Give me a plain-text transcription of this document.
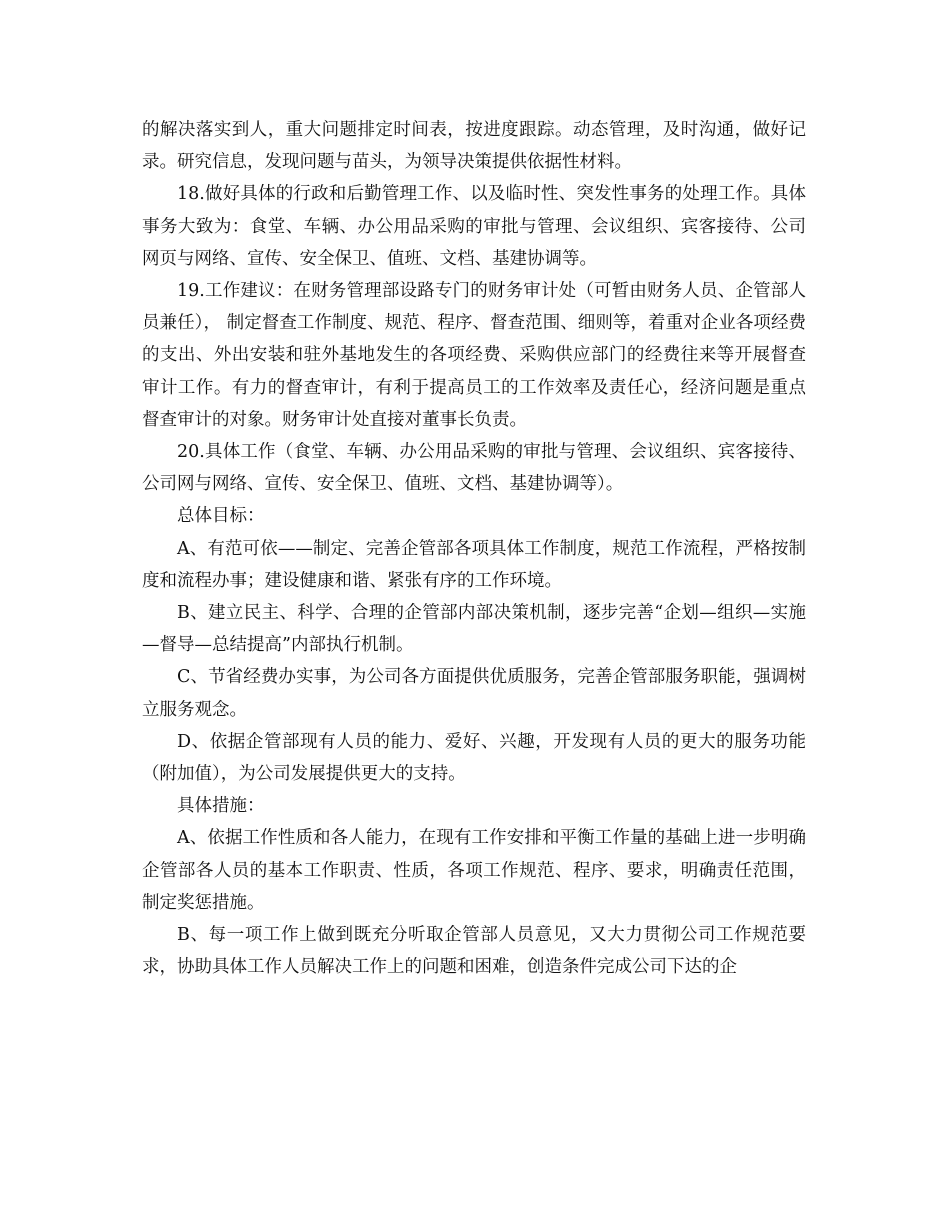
的解决落实到人，重大问题排定时间表，按进度跟踪。动态管理，及时沟通，做好记录。研究信息，发现问题与苗头，为领导决策提供依据性材料。

18.做好具体的行政和后勤管理工作、以及临时性、突发性事务的处理工作。具体事务大致为：食堂、车辆、办公用品采购的审批与管理、会议组织、宾客接待、公司网页与网络、宣传、安全保卫、值班、文档、基建协调等。

19.工作建议：在财务管理部设路专门的财务审计处（可暂由财务人员、企管部人员兼任）， 制定督查工作制度、规范、程序、督查范围、细则等，着重对企业各项经费的支出、外出安装和驻外基地发生的各项经费、采购供应部门的经费往来等开展督查审计工作。有力的督查审计，有利于提高员工的工作效率及责任心，经济问题是重点督查审计的对象。财务审计处直接对董事长负责。

20.具体工作（食堂、车辆、办公用品采购的审批与管理、会议组织、宾客接待、公司网与网络、宣传、安全保卫、值班、文档、基建协调等）。

总体目标：

A、有范可依——制定、完善企管部各项具体工作制度，规范工作流程，严格按制度和流程办事；建设健康和谐、紧张有序的工作环境。

B、建立民主、科学、合理的企管部内部决策机制，逐步完善“企划—组织—实施—督导—总结提高”内部执行机制。

C、节省经费办实事，为公司各方面提供优质服务，完善企管部服务职能，强调树立服务观念。

D、依据企管部现有人员的能力、爱好、兴趣，开发现有人员的更大的服务功能（附加值），为公司发展提供更大的支持。

具体措施：

A、依据工作性质和各人能力，在现有工作安排和平衡工作量的基础上进一步明确企管部各人员的基本工作职责、性质，各项工作规范、程序、要求，明确责任范围，制定奖惩措施。

B、每一项工作上做到既充分听取企管部人员意见，又大力贯彻公司工作规范要求，协助具体工作人员解决工作上的问题和困难，创造条件完成公司下达的企
